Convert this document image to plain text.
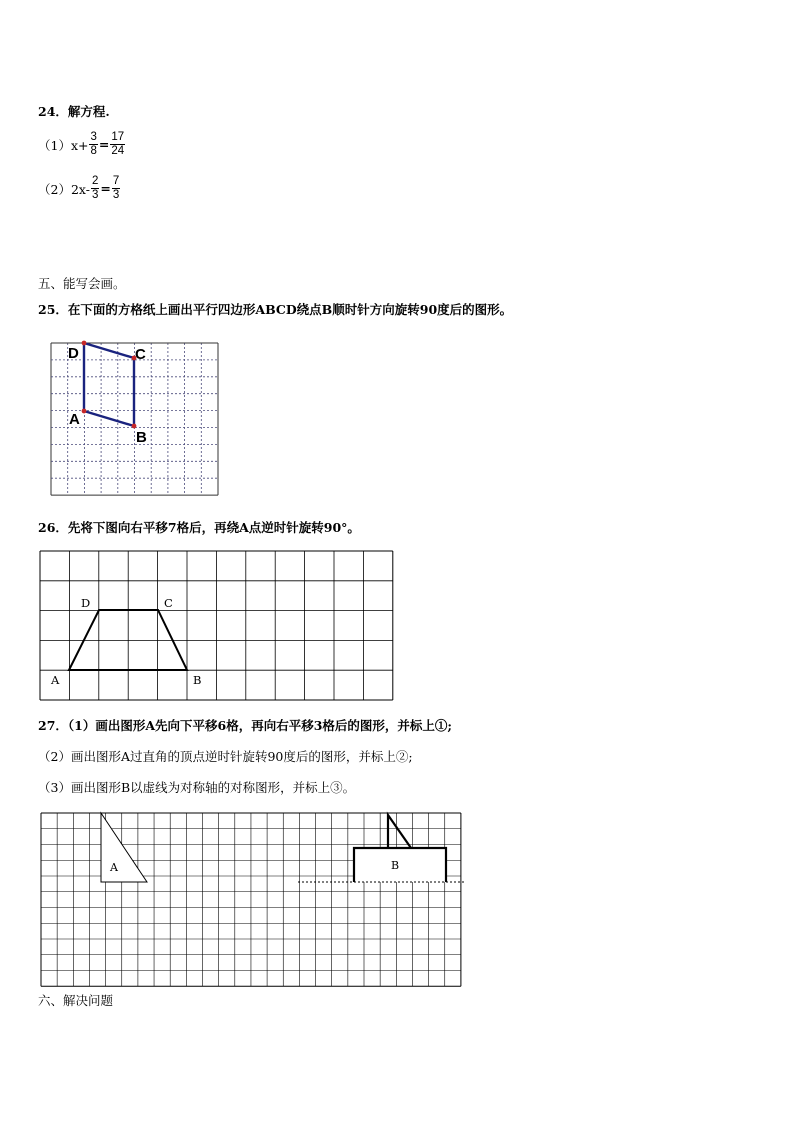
24．解方程.
$(1)x+ \frac{3}{8} = \frac{17}{24}$
$(2)2x- \frac{2}{3} = \frac{7}{3}$
五、能写会画。
25．在下面的方格纸上画出平行四边形ABCD绕点B顺时针方向旋转90度后的图形。
D	C
A
B
26．先将下图向右平移7格后，再绕A点逆时针旋转90°。
D	C
A	B
27．（1）画出图形A先向下平移6格，再向右平移3格后的图形，并标上①;
（2）画出图形A过直角的顶点逆时针旋转90度后的图形，并标上②;
（3）画出图形B以虚线为对称轴的对称图形，并标上③。
A	B
六、解决问题
